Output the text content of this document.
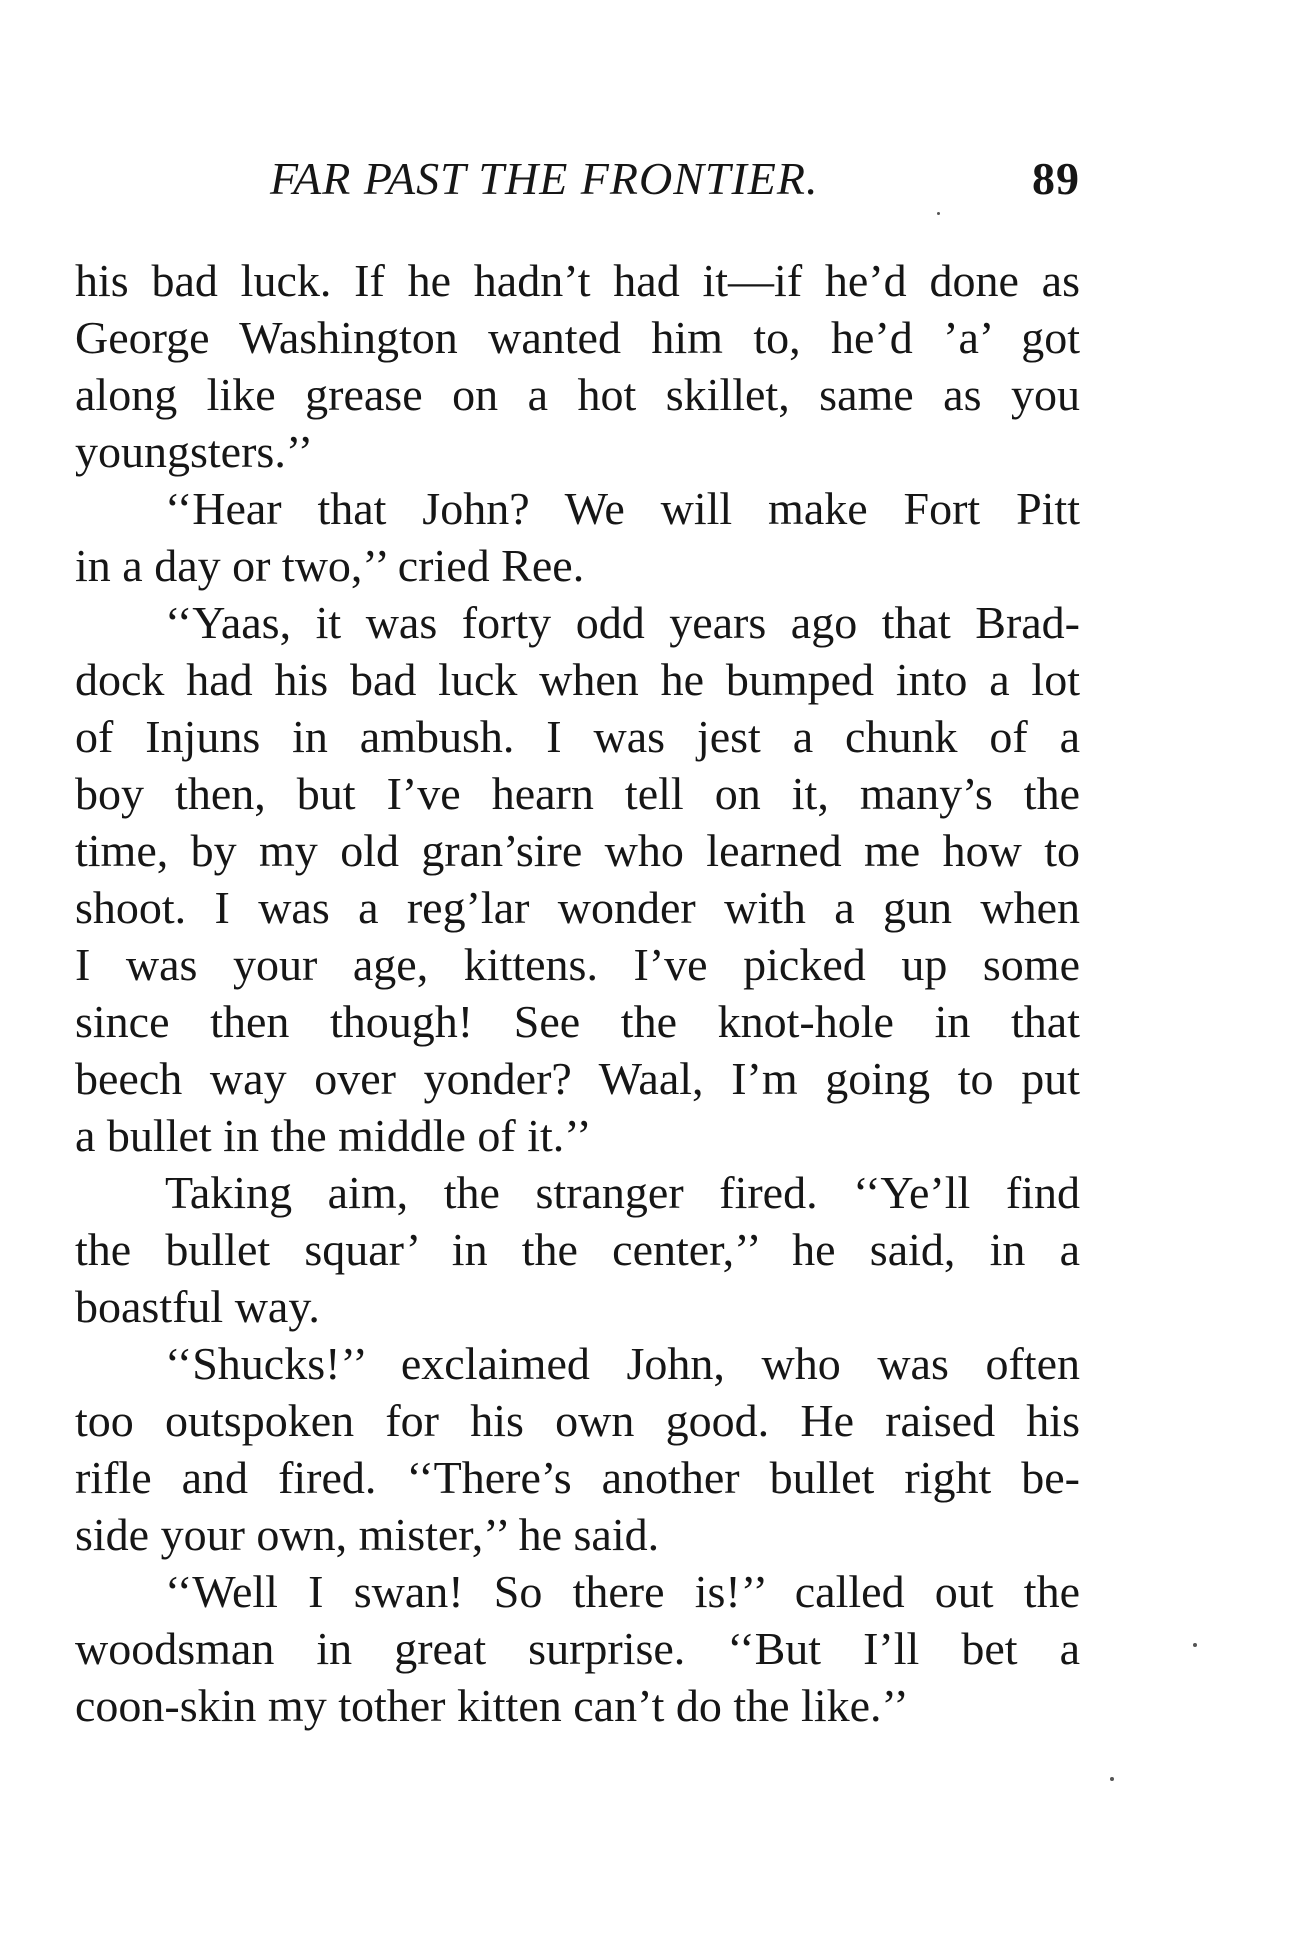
FAR PAST THE FRONTIER.	89
his bad luck. If he hadn’t had it—if he’d done as
George Washington wanted him to, he’d ’a’ got
along like grease on a hot skillet, same as you
youngsters.’’
‘‘Hear that John? We will make Fort Pitt
in a day or two,’’ cried Ree.
‘‘Yaas, it was forty odd years ago that Brad-
dock had his bad luck when he bumped into a lot
of Injuns in ambush. I was jest a chunk of a
boy then, but I’ve hearn tell on it, many’s the
time, by my old gran’sire who learned me how to
shoot. I was a reg’lar wonder with a gun when
I was your age, kittens. I’ve picked up some
since then though! See the knot-hole in that
beech way over yonder? Waal, I’m going to put
a bullet in the middle of it.’’
Taking aim, the stranger fired. ‘‘Ye’ll find
the bullet squar’ in the center,’’ he said, in a
boastful way.
‘‘Shucks!’’ exclaimed John, who was often
too outspoken for his own good. He raised his
rifle and fired. ‘‘There’s another bullet right be-
side your own, mister,’’ he said.
‘‘Well I swan! So there is!’’ called out the
woodsman in great surprise. ‘‘But I’ll bet a
coon-skin my tother kitten can’t do the like.’’
